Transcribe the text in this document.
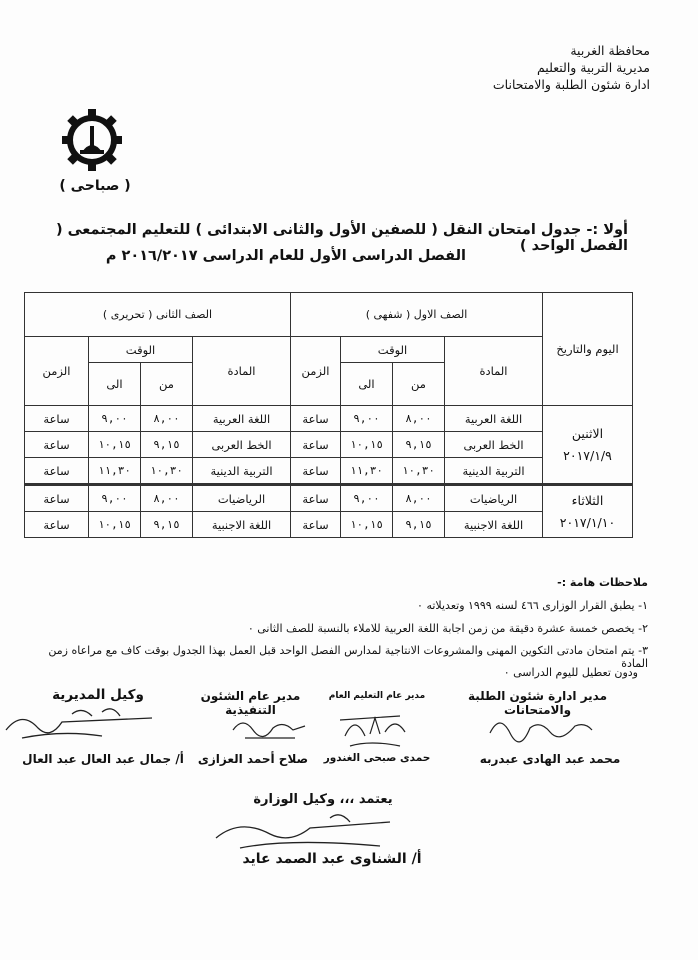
محافظة الغربية
مديرية التربية والتعليم
ادارة شئون الطلبة والامتحانات
( صباحى )
أولا :- جدول امتحان النقل ( للصفين الأول والثانى الابتدائى ) للتعليم المجتمعى ( الفصل الواحد )
الفصل الدراسى الأول للعام الدراسى ٢٠١٦/٢٠١٧ م
اليوم والتاريخ	الصف الاول ( شفهى )				الصف الثانى ( تحريرى )			
	المادة	الوقت		الزمن	المادة	الوقت		الزمن
		من	الى			من	الى	

الاثنين
٢٠١٧/١/٩	اللغة العربية	٨,٠٠	٩,٠٠	ساعة	اللغة العربية	٨,٠٠	٩,٠٠	ساعة
	الخط العربى	٩,١٥	١٠,١٥	ساعة	الخط العربى	٩,١٥	١٠,١٥	ساعة
	التربية الدينية	١٠,٣٠	١١,٣٠	ساعة	التربية الدينية	١٠,٣٠	١١,٣٠	ساعة

الثلاثاء
٢٠١٧/١/١٠	الرياضيات	٨,٠٠	٩,٠٠	ساعة	الرياضيات	٨,٠٠	٩,٠٠	ساعة
	اللغة الاجنبية	٩,١٥	١٠,١٥	ساعة	اللغة الاجنبية	٩,١٥	١٠,١٥	ساعة
ملاحظات هامة :-
١- يطبق القرار الوزارى ٤٦٦ لسنه ١٩٩٩ وتعديلاته ٠
٢- يخصص خمسة عشرة دقيقة من زمن اجابة اللغة العربية للاملاء بالنسبة للصف الثانى ٠
٣- يتم امتحان مادتى التكوين المهنى والمشروعات الانتاجية لمدارس الفصل الواحد قبل العمل بهذا الجدول بوقت كاف مع مراعاه زمن المادة
ودون تعطيل لليوم الدراسى ٠
مدير ادارة شئون الطلبة والامتحانات
مدير عام التعليم العام
مدير عام الشئون التنفيذية
وكيل المديرية
محمد عبد الهادى عبدربه
حمدى صبحى الغندور
صلاح أحمد العزازى
أ/ جمال عبد العال عبد العال
يعتمد ،،، وكيل الوزارة
أ/ الشناوى عبد الصمد عايد
